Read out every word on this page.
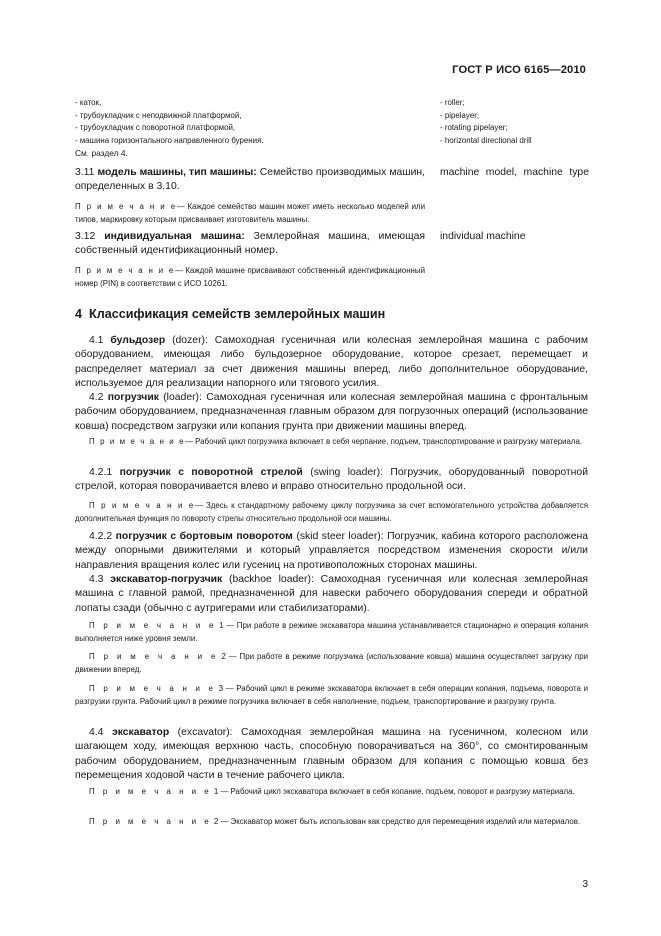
ГОСТ Р ИСО 6165—2010
- каток,
- трубоукладчик с неподвижной платформой,
- трубоукладчик с поворотной платформой,
- машина горизонтального направленного бурения.
См. раздел 4.
- roller;
- pipelayer;
- rotating pipelayer;
- horizontal directional drill
3.11 модель машины, тип машины: Семейство производимых машин, определенных в 3.10.
machine model, machine type
П р и м е ч а н и е— Каждое семейство машин может иметь несколько моделей или типов, маркировку которым присваивает изготовитель машины.
3.12 индивидуальная машина: Землеройная машина, имеющая собственный идентификационный номер.
individual machine
П р и м е ч а н и е— Каждой машине присваивают собственный идентификационный номер (PIN) в соответствии с ИСО 10261.
4  Классификация семейств землеройных машин
4.1 бульдозер (dozer): Самоходная гусеничная или колесная землеройная машина с рабочим оборудованием, имеющая либо бульдозерное оборудование, которое срезает, перемещает и распределяет материал за счет движения машины вперед, либо дополнительное оборудование, используемое для реализации напорного или тягового усилия.
4.2 погрузчик (loader): Самоходная гусеничная или колесная землеройная машина с фронтальным рабочим оборудованием, предназначенная главным образом для погрузочных операций (использование ковша) посредством загрузки или копания грунта при движении машины вперед.
П р и м е ч а н и е— Рабочий цикл погрузчика включает в себя черпание, подъем, транспортирование и разгрузку материала.
4.2.1 погрузчик с поворотной стрелой (swing loader): Погрузчик, оборудованный поворотной стрелой, которая поворачивается влево и вправо относительно продольной оси.
П р и м е ч а н и е— Здесь к стандартному рабочему циклу погрузчика за счет вспомогательного устройства добавляется дополнительная функция по повороту стрелы относительно продольной оси машины.
4.2.2 погрузчик с бортовым поворотом (skid steer loader): Погрузчик, кабина которого расположена между опорными движителями и который управляется посредством изменения скорости и/или направления вращения колес или гусениц на противоположных сторонах машины.
4.3 экскаватор-погрузчик (backhoe loader): Самоходная гусеничная или колесная землеройная машина с главной рамой, предназначенной для навески рабочего оборудования спереди и обратной лопаты сзади (обычно с аутригерами или стабилизаторами).
П р и м е ч а н и е 1 — При работе в режиме экскаватора машина устанавливается стационарно и операция копания выполняется ниже уровня земли.
П р и м е ч а н и е 2 — При работе в режиме погрузчика (использование ковша) машина осуществляет загрузку при движении вперед.
П р и м е ч а н и е 3 — Рабочий цикл в режиме экскаватора включает в себя операции копания, подъема, поворота и разгрузки грунта. Рабочий цикл в режиме погрузчика включает в себя наполнение, подъем, транспортирование и разгрузку грунта.
4.4 экскаватор (excavator): Самоходная землеройная машина на гусеничном, колесном или шагающем ходу, имеющая верхнюю часть, способную поворачиваться на 360°, со смонтированным рабочим оборудованием, предназначенным главным образом для копания с помощью ковша без перемещения ходовой части в течение рабочего цикла.
П р и м е ч а н и е 1 — Рабочий цикл экскаватора включает в себя копание, подъем, поворот и разгрузку материала.
П р и м е ч а н и е 2 — Экскаватор может быть использован как средство для перемещения изделий или материалов.
3
